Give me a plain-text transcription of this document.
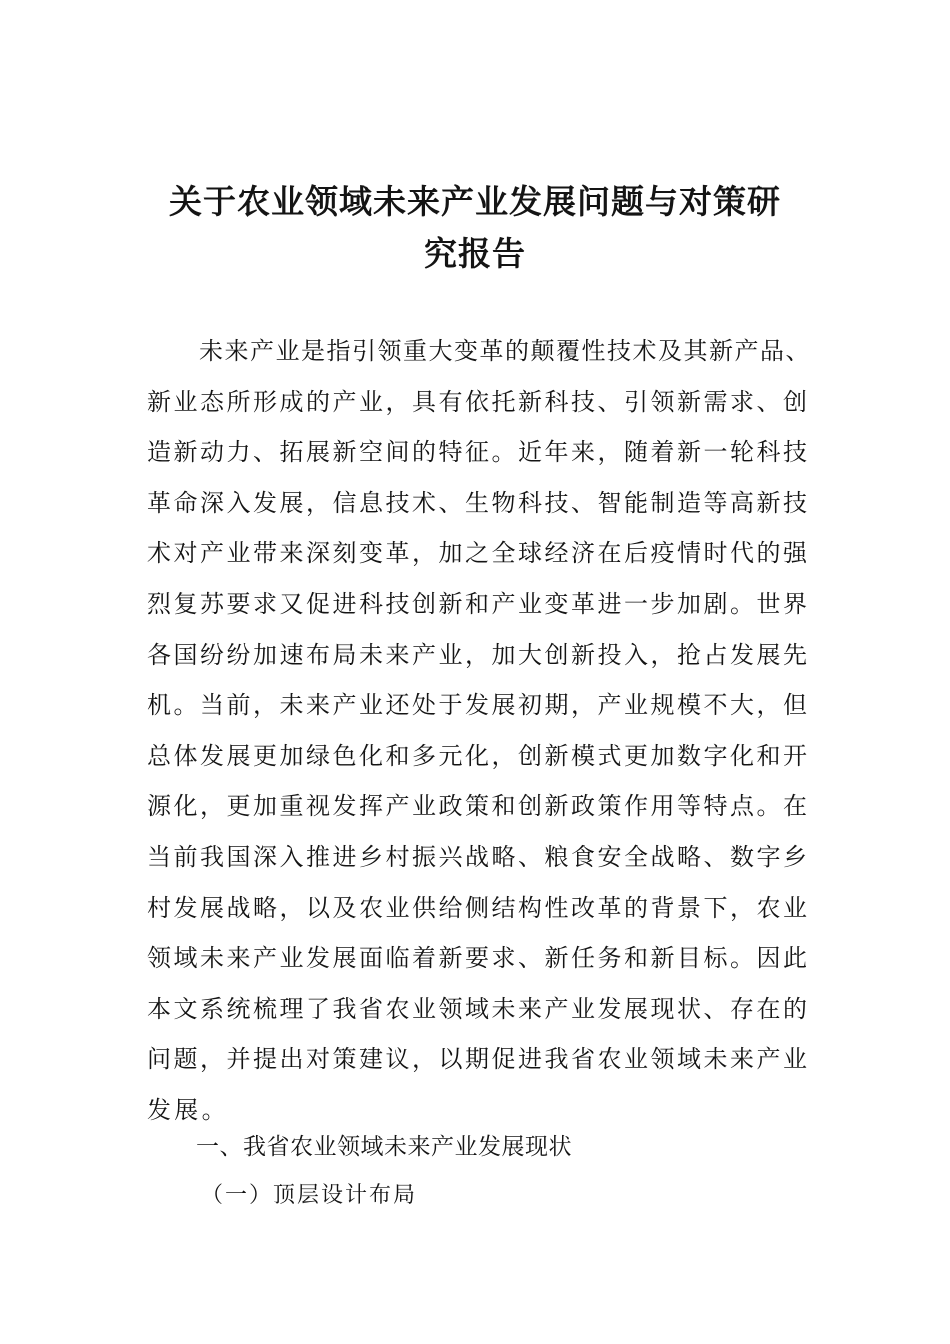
关于农业领域未来产业发展问题与对策研
究报告
未来产业是指引领重大变革的颠覆性技术及其新产品、
新业态所形成的产业，具有依托新科技、引领新需求、创
造新动力、拓展新空间的特征。近年来，随着新一轮科技
革命深入发展，信息技术、生物科技、智能制造等高新技
术对产业带来深刻变革，加之全球经济在后疫情时代的强
烈复苏要求又促进科技创新和产业变革进一步加剧。世界
各国纷纷加速布局未来产业，加大创新投入，抢占发展先
机。当前，未来产业还处于发展初期，产业规模不大，但
总体发展更加绿色化和多元化，创新模式更加数字化和开
源化，更加重视发挥产业政策和创新政策作用等特点。在
当前我国深入推进乡村振兴战略、粮食安全战略、数字乡
村发展战略，以及农业供给侧结构性改革的背景下，农业
领域未来产业发展面临着新要求、新任务和新目标。因此
本文系统梳理了我省农业领域未来产业发展现状、存在的
问题，并提出对策建议，以期促进我省农业领域未来产业
发展。
一、我省农业领域未来产业发展现状
（一）顶层设计布局
